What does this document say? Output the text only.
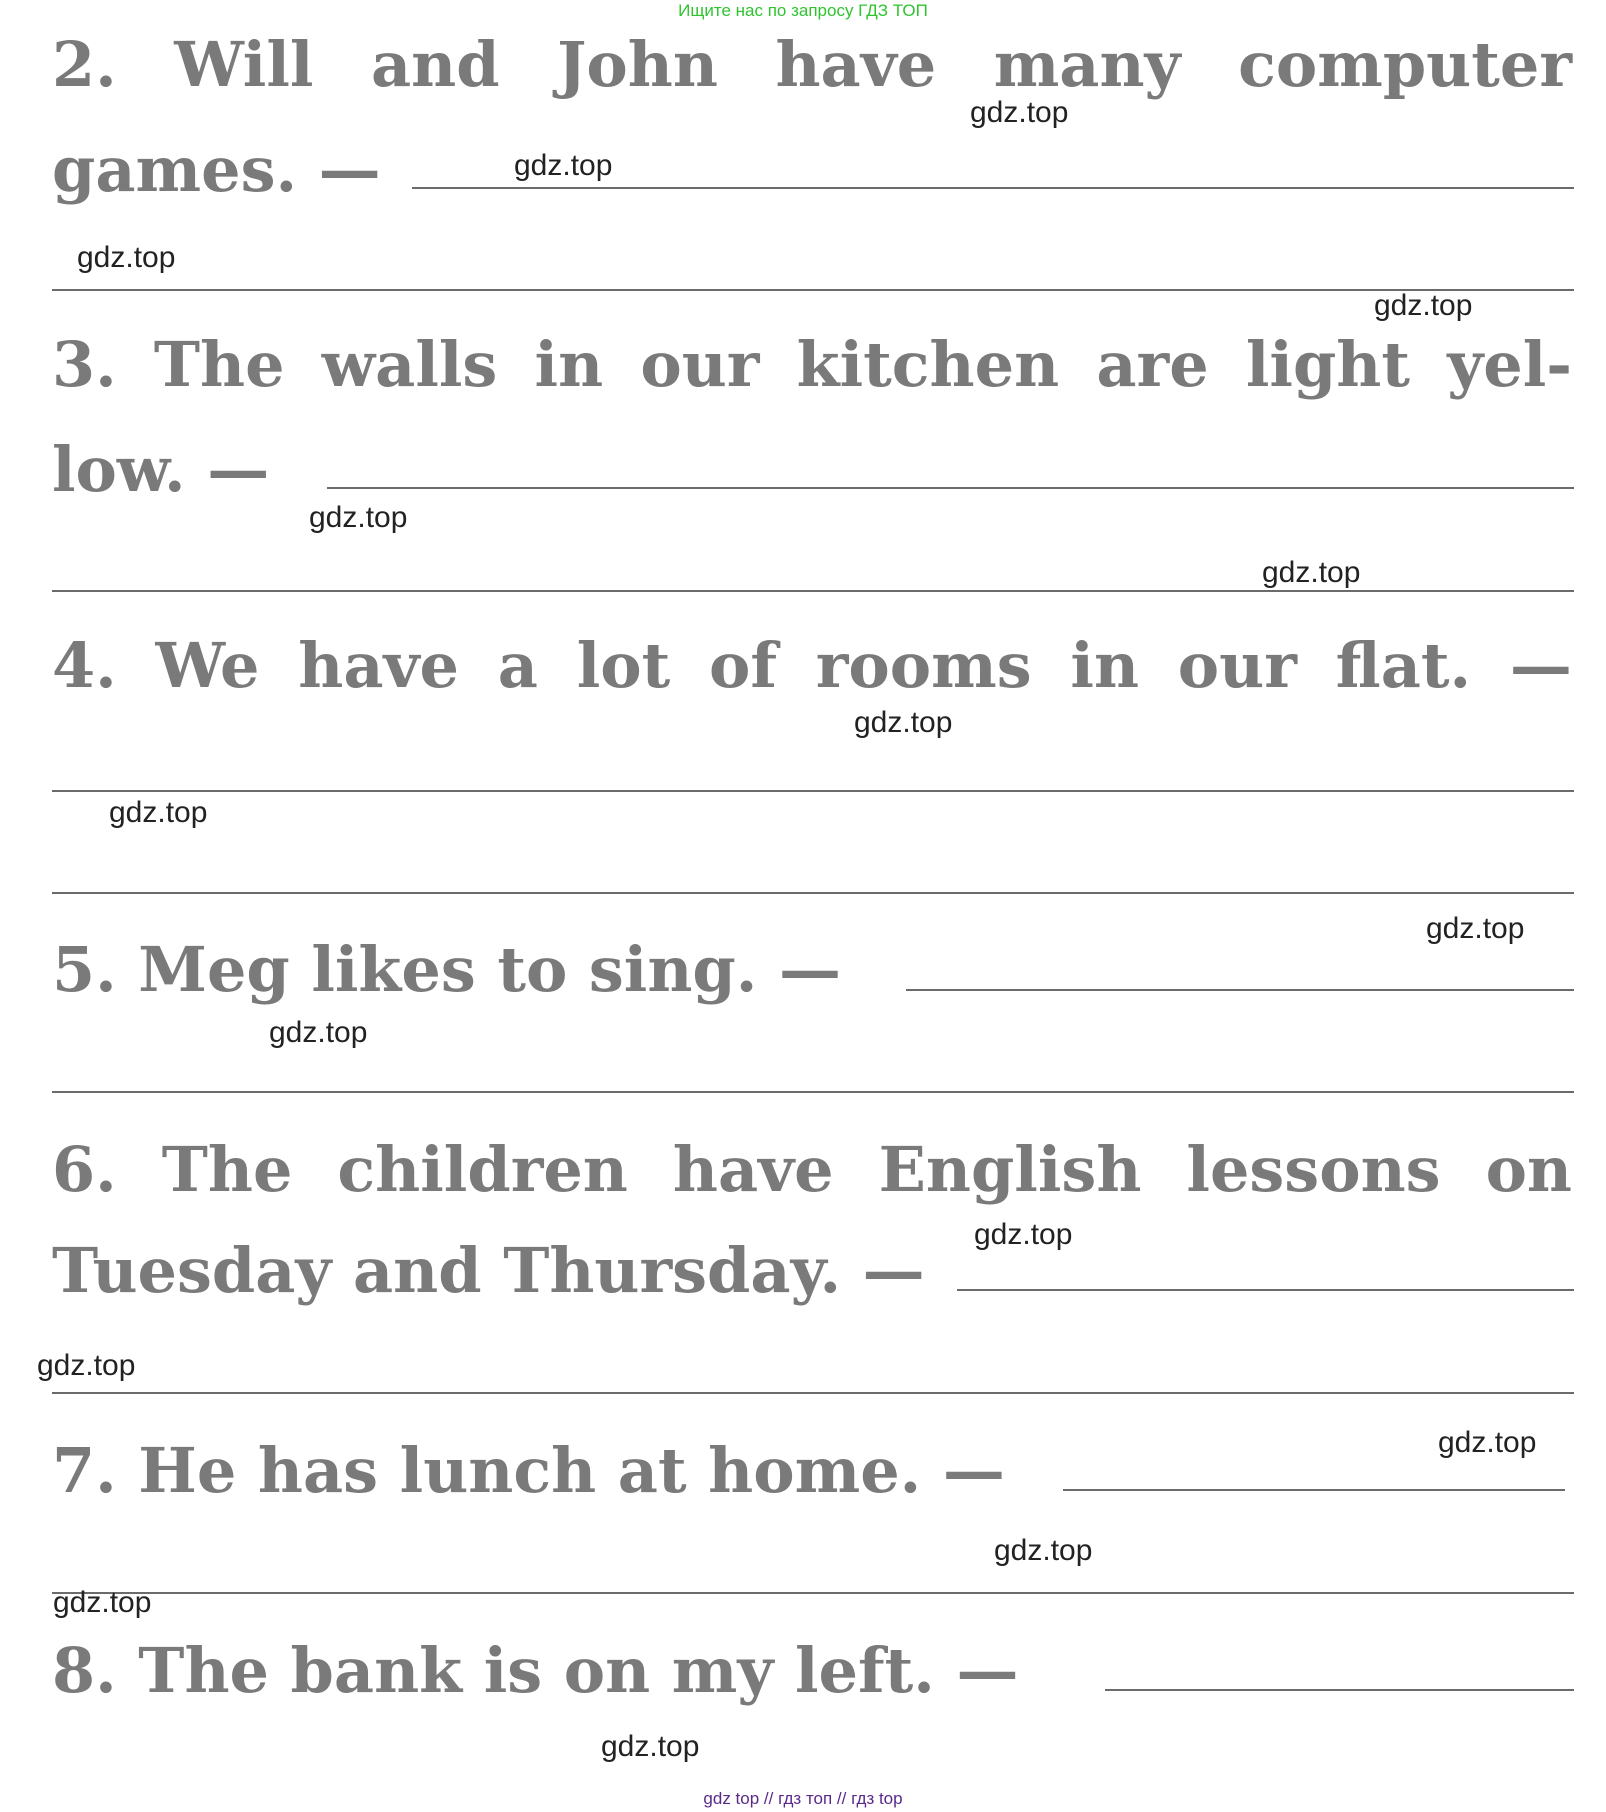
Ищите нас по запросу ГДЗ ТОП
2. Will and John have many computer
games. —
3. The walls in our kitchen are light yel-
low. —
4. We have a lot of rooms in our flat. —
5. Meg likes to sing. —
6. The children have English lessons on
Tuesday and Thursday. —
7. He has lunch at home. —
8. The bank is on my left. —
gdz.top
gdz.top
gdz.top
gdz.top
gdz.top
gdz.top
gdz.top
gdz.top
gdz.top
gdz.top
gdz.top
gdz.top
gdz.top
gdz.top
gdz.top
gdz.top
gdz top // гдз топ // гдз top
